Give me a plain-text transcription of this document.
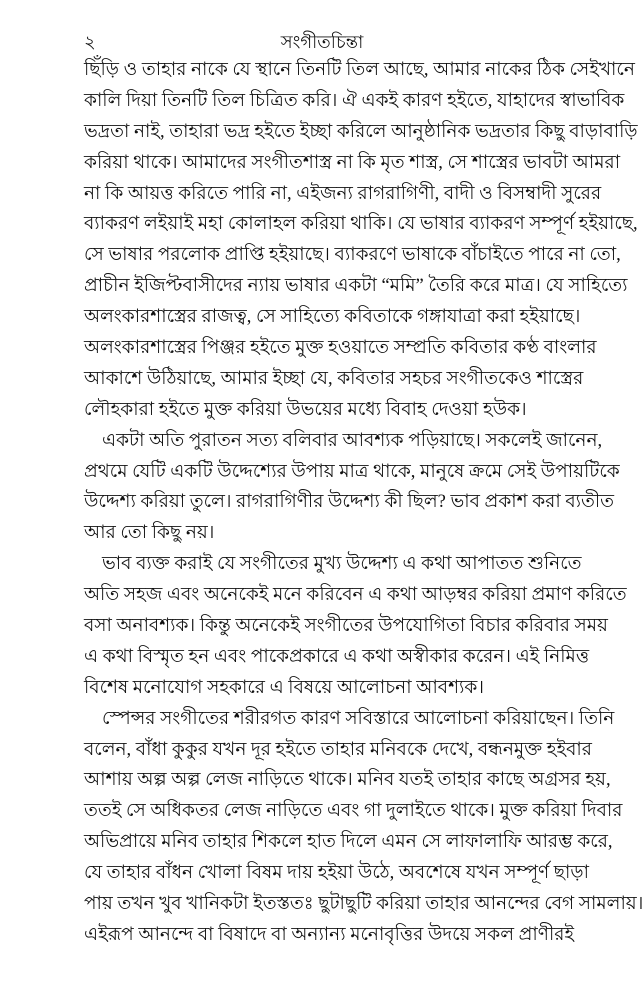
২	সংগীতচিন্তা
ছিঁড়ি ও তাহার নাকে যে স্থানে তিনটি তিল আছে, আমার নাকের ঠিক সেইখানে
কালি দিয়া তিনটি তিল চিত্রিত করি। ঐ একই কারণ হইতে, যাহাদের স্বাভাবিক
ভদ্রতা নাই, তাহারা ভদ্র হইতে ইচ্ছা করিলে আনুষ্ঠানিক ভদ্রতার কিছু বাড়াবাড়ি
করিয়া থাকে। আমাদের সংগীতশাস্ত্র না কি মৃত শাস্ত্র, সে শাস্ত্রের ভাবটা আমরা
না কি আয়ত্ত করিতে পারি না, এইজন্য রাগরাগিণী, বাদী ও বিসম্বাদী সুরের
ব্যাকরণ লইয়াই মহা কোলাহল করিয়া থাকি। যে ভাষার ব্যাকরণ সম্পূর্ণ হইয়াছে,
সে ভাষার পরলোক প্রাপ্তি হইয়াছে। ব্যাকরণে ভাষাকে বাঁচাইতে পারে না তো,
প্রাচীন ইজিপ্টবাসীদের ন্যায় ভাষার একটা “মমি” তৈরি করে মাত্র। যে সাহিত্যে
অলংকারশাস্ত্রের রাজত্ব, সে সাহিত্যে কবিতাকে গঙ্গাযাত্রা করা হইয়াছে।
অলংকারশাস্ত্রের পিঞ্জর হইতে মুক্ত হওয়াতে সম্প্রতি কবিতার কণ্ঠ বাংলার
আকাশে উঠিয়াছে, আমার ইচ্ছা যে, কবিতার সহচর সংগীতকেও শাস্ত্রের
লৌহকারা হইতে মুক্ত করিয়া উভয়ের মধ্যে বিবাহ দেওয়া হউক।
একটা অতি পুরাতন সত্য বলিবার আবশ্যক পড়িয়াছে। সকলেই জানেন,
প্রথমে যেটি একটি উদ্দেশ্যের উপায় মাত্র থাকে, মানুষে ক্রমে সেই উপায়টিকে
উদ্দেশ্য করিয়া তুলে। রাগরাগিণীর উদ্দেশ্য কী ছিল? ভাব প্রকাশ করা ব্যতীত
আর তো কিছু নয়।
ভাব ব্যক্ত করাই যে সংগীতের মুখ্য উদ্দেশ্য এ কথা আপাতত শুনিতে
অতি সহজ এবং অনেকেই মনে করিবেন এ কথা আড়ম্বর করিয়া প্রমাণ করিতে
বসা অনাবশ্যক। কিন্তু অনেকেই সংগীতের উপযোগিতা বিচার করিবার সময়
এ কথা বিস্মৃত হন এবং পাকেপ্রকারে এ কথা অস্বীকার করেন। এই নিমিত্ত
বিশেষ মনোযোগ সহকারে এ বিষয়ে আলোচনা আবশ্যক।
স্পেন্সর সংগীতের শরীরগত কারণ সবিস্তারে আলোচনা করিয়াছেন। তিনি
বলেন, বাঁধা কুকুর যখন দূর হইতে তাহার মনিবকে দেখে, বন্ধনমুক্ত হইবার
আশায় অল্প অল্প লেজ নাড়িতে থাকে। মনিব যতই তাহার কাছে অগ্রসর হয়,
ততই সে অধিকতর লেজ নাড়িতে এবং গা দুলাইতে থাকে। মুক্ত করিয়া দিবার
অভিপ্রায়ে মনিব তাহার শিকলে হাত দিলে এমন সে লাফালাফি আরম্ভ করে,
যে তাহার বাঁধন খোলা বিষম দায় হইয়া উঠে, অবশেষে যখন সম্পূর্ণ ছাড়া
পায় তখন খুব খানিকটা ইতস্ততঃ ছুটাছুটি করিয়া তাহার আনন্দের বেগ সামলায়।
এইরূপ আনন্দে বা বিষাদে বা অন্যান্য মনোবৃত্তির উদয়ে সকল প্রাণীরই
